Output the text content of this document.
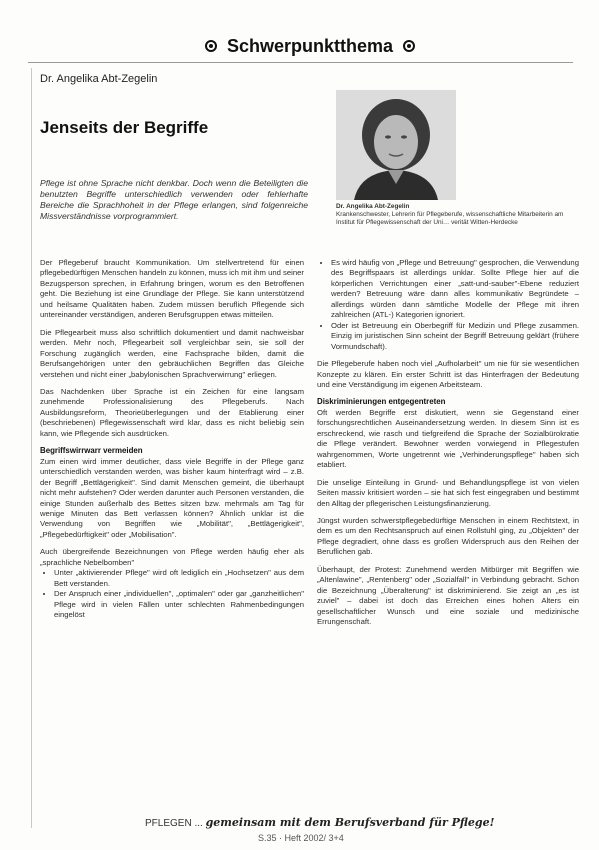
Schwerpunktthema
Dr. Angelika Abt-Zegelin
Jenseits der Begriffe
Dr. Angelika Abt-Zegelin
Krankenschwester, Lehrerin für Pflegeberufe, wissenschaftliche Mitarbeiterin am Institut für Pflegewissenschaft der Uni… verität Witten-Herdecke
Pflege ist ohne Sprache nicht denkbar. Doch wenn die Beteiligten die benutzten Begriffe unterschiedlich verwenden oder fehlerhafte Bereiche die Sprachhoheit in der Pflege erlangen, sind folgenreiche Missverständnisse vorprogrammiert.

Der Pflegeberuf braucht Kommunikation. Um stellvertretend für einen pflegebedürftigen Menschen handeln zu können, muss ich mit ihm und seiner Bezugsperson sprechen, in Erfahrung bringen, worum es den Betroffenen geht. Die Beziehung ist eine Grundlage der Pflege. Sie kann unterstützend und heilsame Qualitäten haben. Zudem müssen beruflich Pflegende sich untereinander verständigen, anderen Berufsgruppen etwas mitteilen.

Die Pflegearbeit muss also schriftlich dokumentiert und damit nachweisbar werden. Mehr noch, Pflegearbeit soll vergleichbar sein, sie soll der Forschung zugänglich werden, eine Fachsprache bilden, damit die Berufsangehörigen unter den gebräuchlichen Begriffen das Gleiche verstehen und nicht einer „babylonischen Sprachverwirrung" erliegen.

Das Nachdenken über Sprache ist ein Zeichen für eine langsam zunehmende Professionalisierung des Pflegeberufs. Nach Ausbildungsreform, Theorieüberlegungen und der Etablierung einer (beschriebenen) Pflegewissenschaft wird klar, dass es nicht beliebig sein kann, wie Pflegende sich ausdrücken.

Begriffswirrwarr vermeiden

Zum einen wird immer deutlicher, dass viele Begriffe in der Pflege ganz unterschiedlich verstanden werden, was bisher kaum hinterfragt wird – z.B. der Begriff „Bettlägerigkeit". Sind damit Menschen gemeint, die überhaupt nicht mehr aufstehen? Oder werden darunter auch Personen verstanden, die einige Stunden außerhalb des Bettes sitzen bzw. mehrmals am Tag für wenige Minuten das Bett verlassen können? Ähnlich unklar ist die Verwendung von Begriffen wie „Mobilität", „Bettlägerigkeit", „Pflegebedürftigkeit" oder „Mobilisation".

Auch übergreifende Bezeichnungen von Pflege werden häufig eher als „sprachliche Nebelbomben"

• Unter „aktivierender Pflege" wird oft lediglich ein „Hochsetzen" aus dem Bett verstanden.
• Der Anspruch einer „individuellen", „optimalen" oder gar „ganzheitlichen" Pflege wird in vielen Fällen unter schlechten Rahmenbedingungen eingelöst
• Es wird häufig von „Pflege und Betreuung" gesprochen, die Verwendung des Begriffspaars ist allerdings unklar. Sollte Pflege hier auf die körperlichen Verrichtungen einer „satt-und-sauber"-Ebene reduziert werden? Betreuung wäre dann alles kommunikativ Begründete – allerdings würden dann sämtliche Modelle der Pflege mit ihren zahlreichen (ATL-) Kategorien ignoriert.
• Oder ist Betreuung ein Oberbegriff für Medizin und Pflege zusammen. Einzig im juristischen Sinn scheint der Begriff Betreuung geklärt (frühere Vormundschaft).

Die Pflegeberufe haben noch viel „Aufholarbeit" um nie für sie wesentlichen Konzepte zu klären. Ein erster Schritt ist das Hinterfragen der Bedeutung und eine Verständigung im eigenen Arbeitsteam.

Diskriminierungen entgegentreten

Oft werden Begriffe erst diskutiert, wenn sie Gegenstand einer forschungsrechtlichen Auseinandersetzung werden. In diesem Sinn ist es erschreckend, wie rasch und tiefgreifend die Sprache der Sozialbürokratie die Pflege verändert. Bewohner werden vorwiegend in Pflegestufen wahrgenommen, Worte ungetrennt wie „Verhinderungspflege" haben sich etabliert.

Die unselige Einteilung in Grund- und Behandlungspflege ist von vielen Seiten massiv kritisiert worden – sie hat sich fest eingegraben und bestimmt den Alltag der pflegerischen Leistungsfinanzierung.

Jüngst wurden schwerstpflegebedürftige Menschen in einem Rechtstext, in dem es um den Rechtsanspruch auf einen Rollstuhl ging, zu „Objekten" der Pflege degradiert, ohne dass es großen Widerspruch aus den Reihen der Beruflichen gab.

Überhaupt, der Protest: Zunehmend werden Mitbürger mit Begriffen wie „Altenlawine", „Rentenberg" oder „Sozialfall" in Verbindung gebracht. Schon die Bezeichnung „Überalterung" ist diskriminierend. Sie zeigt an „es ist zuviel" – dabei ist doch das Erreichen eines hohen Alters ein gesellschaftlicher Wunsch und eine soziale und medizinische Errungenschaft.

PFLEGEN ... gemeinsam mit dem Berufsverband für Pflege!
S.35 · Heft 2002/ 3+4
